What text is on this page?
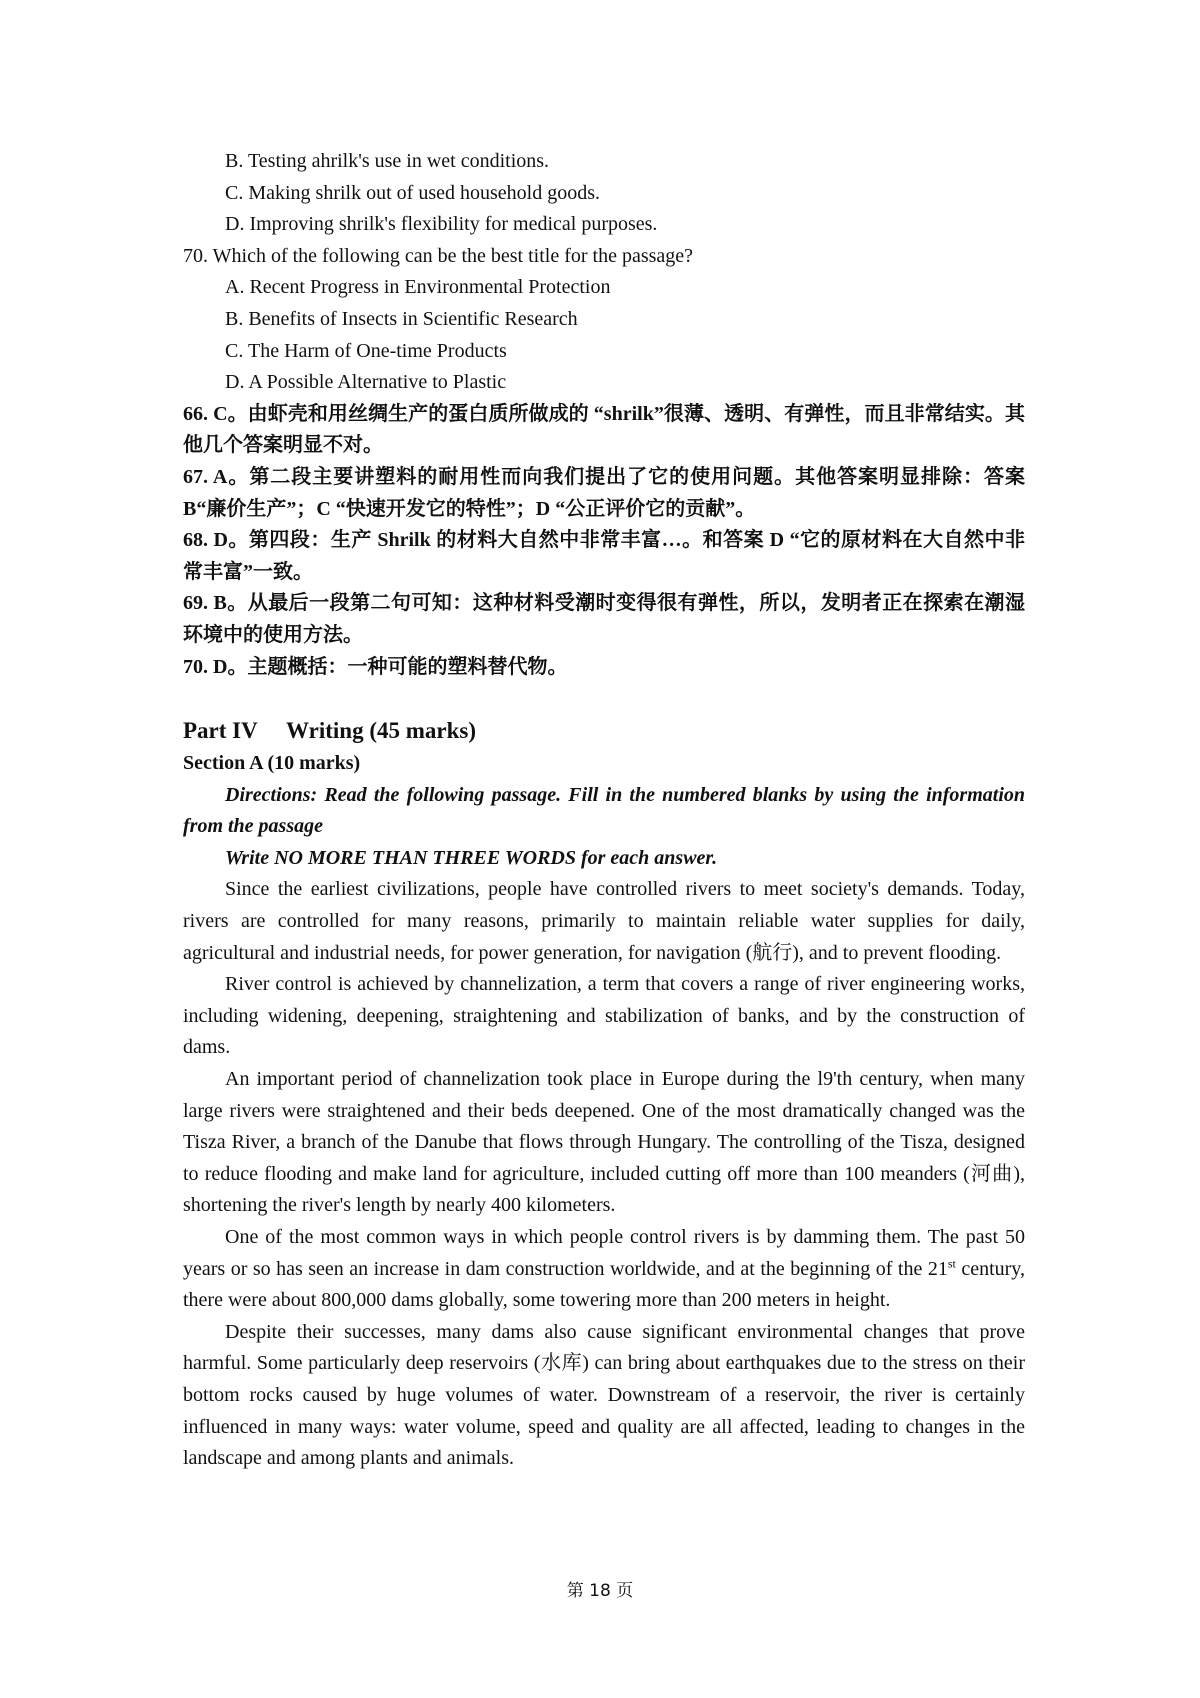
B. Testing ahrilk's use in wet conditions.
C. Making shrilk out of used household goods.
D. Improving shrilk's flexibility for medical purposes.
70. Which of the following can be the best title for the passage?
A. Recent Progress in Environmental Protection
B. Benefits of Insects in Scientific Research
C. The Harm of One-time Products
D. A Possible Alternative to Plastic
66. C。由虾壳和用丝绸生产的蛋白质所做成的 “shrilk”很薄、透明、有弹性，而且非常结实。其他几个答案明显不对。
67. A。第二段主要讲塑料的耐用性而向我们提出了它的使用问题。其他答案明显排除：答案 B“廉价生产”；C “快速开发它的特性”；D “公正评价它的贡献”。
68. D。第四段：生产 Shrilk 的材料大自然中非常丰富…。和答案 D “它的原材料在大自然中非常丰富”一致。
69. B。从最后一段第二句可知：这种材料受潮时变得很有弹性，所以，发明者正在探索在潮湿环境中的使用方法。
70. D。主题概括：一种可能的塑料替代物。
Part IV  Writing (45 marks)
Section A (10 marks)
Directions: Read the following passage. Fill in the numbered blanks by using the information from the passage
Write NO MORE THAN THREE WORDS for each answer.
Since the earliest civilizations, people have controlled rivers to meet society's demands. Today, rivers are controlled for many reasons, primarily to maintain reliable water supplies for daily, agricultural and industrial needs, for power generation, for navigation (航行), and to prevent flooding.
River control is achieved by channelization, a term that covers a range of river engineering works, including widening, deepening, straightening and stabilization of banks, and by the construction of dams.
An important period of channelization took place in Europe during the l9'th century, when many large rivers were straightened and their beds deepened. One of the most dramatically changed was the Tisza River, a branch of the Danube that flows through Hungary. The controlling of the Tisza, designed to reduce flooding and make land for agriculture, included cutting off more than 100 meanders (河曲), shortening the river's length by nearly 400 kilometers.
One of the most common ways in which people control rivers is by damming them. The past 50 years or so has seen an increase in dam construction worldwide, and at the beginning of the 21st century, there were about 800,000 dams globally, some towering more than 200 meters in height.
Despite their successes, many dams also cause significant environmental changes that prove harmful. Some particularly deep reservoirs (水库) can bring about earthquakes due to the stress on their bottom rocks caused by huge volumes of water. Downstream of a reservoir, the river is certainly influenced in many ways: water volume, speed and quality are all affected, leading to changes in the landscape and among plants and animals.
第 18 页
